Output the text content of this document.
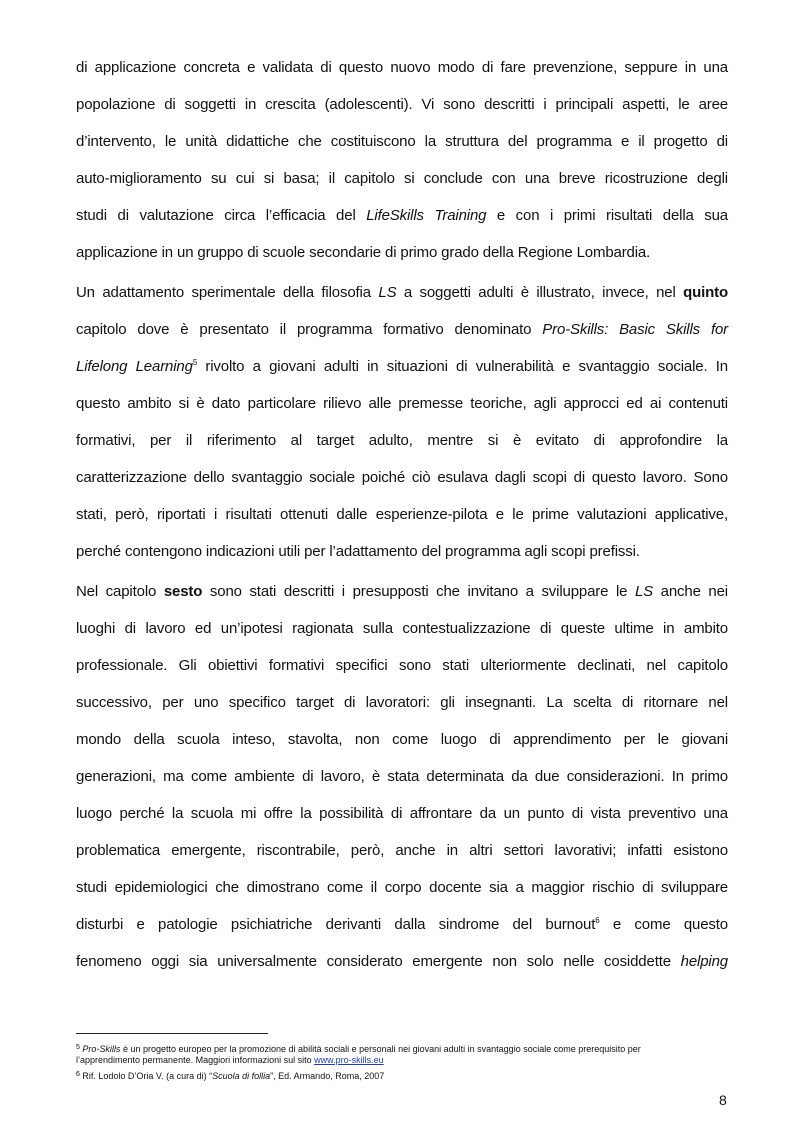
di applicazione concreta e validata di questo nuovo modo di fare prevenzione, seppure in una
popolazione di soggetti in crescita (adolescenti). Vi sono descritti i principali aspetti, le aree
d’intervento, le unità didattiche che costituiscono la struttura del programma e il progetto di
auto-miglioramento su cui si basa; il capitolo si conclude con una breve ricostruzione degli
studi di valutazione circa l’efficacia del LifeSkills Training e con i primi risultati della sua
applicazione in un gruppo di scuole secondarie di primo grado della Regione Lombardia.
Un adattamento sperimentale della filosofia LS a soggetti adulti è illustrato, invece, nel quinto
capitolo dove è presentato il programma formativo denominato Pro-Skills: Basic Skills for
Lifelong Learning$^5$ rivolto a giovani adulti in situazioni di vulnerabilità e svantaggio sociale. In
questo ambito si è dato particolare rilievo alle premesse teoriche, agli approcci ed ai contenuti
formativi, per il riferimento al target adulto, mentre si è evitato di approfondire la
caratterizzazione dello svantaggio sociale poiché ciò esulava dagli scopi di questo lavoro. Sono
stati, però, riportati i risultati ottenuti dalle esperienze-pilota e le prime valutazioni applicative,
perché contengono indicazioni utili per l’adattamento del programma agli scopi prefissi.
Nel capitolo sesto sono stati descritti i presupposti che invitano a sviluppare le LS anche nei
luoghi di lavoro ed un’ipotesi ragionata sulla contestualizzazione di queste ultime in ambito
professionale. Gli obiettivi formativi specifici sono stati ulteriormente declinati, nel capitolo
successivo, per uno specifico target di lavoratori: gli insegnanti. La scelta di ritornare nel
mondo della scuola inteso, stavolta, non come luogo di apprendimento per le giovani
generazioni, ma come ambiente di lavoro, è stata determinata da due considerazioni. In primo
luogo perché la scuola mi offre la possibilità di affrontare da un punto di vista preventivo una
problematica emergente, riscontrabile, però, anche in altri settori lavorativi; infatti esistono
studi epidemiologici che dimostrano come il corpo docente sia a maggior rischio di sviluppare
disturbi e patologie psichiatriche derivanti dalla sindrome del burnout$^6$ e come questo
fenomeno oggi sia universalmente considerato emergente non solo nelle cosiddette helping
$^5$ Pro-Skills è un progetto europeo per la promozione di abilità sociali e personali nei giovani adulti in svantaggio sociale come prerequisito per
l’apprendimento permanente. Maggiori informazioni sul sito www.pro-skills.eu
$^6$ Rif. Lodolo D’Oria V. (a cura di) “Scuola di follia”, Ed. Armando, Roma, 2007
8
